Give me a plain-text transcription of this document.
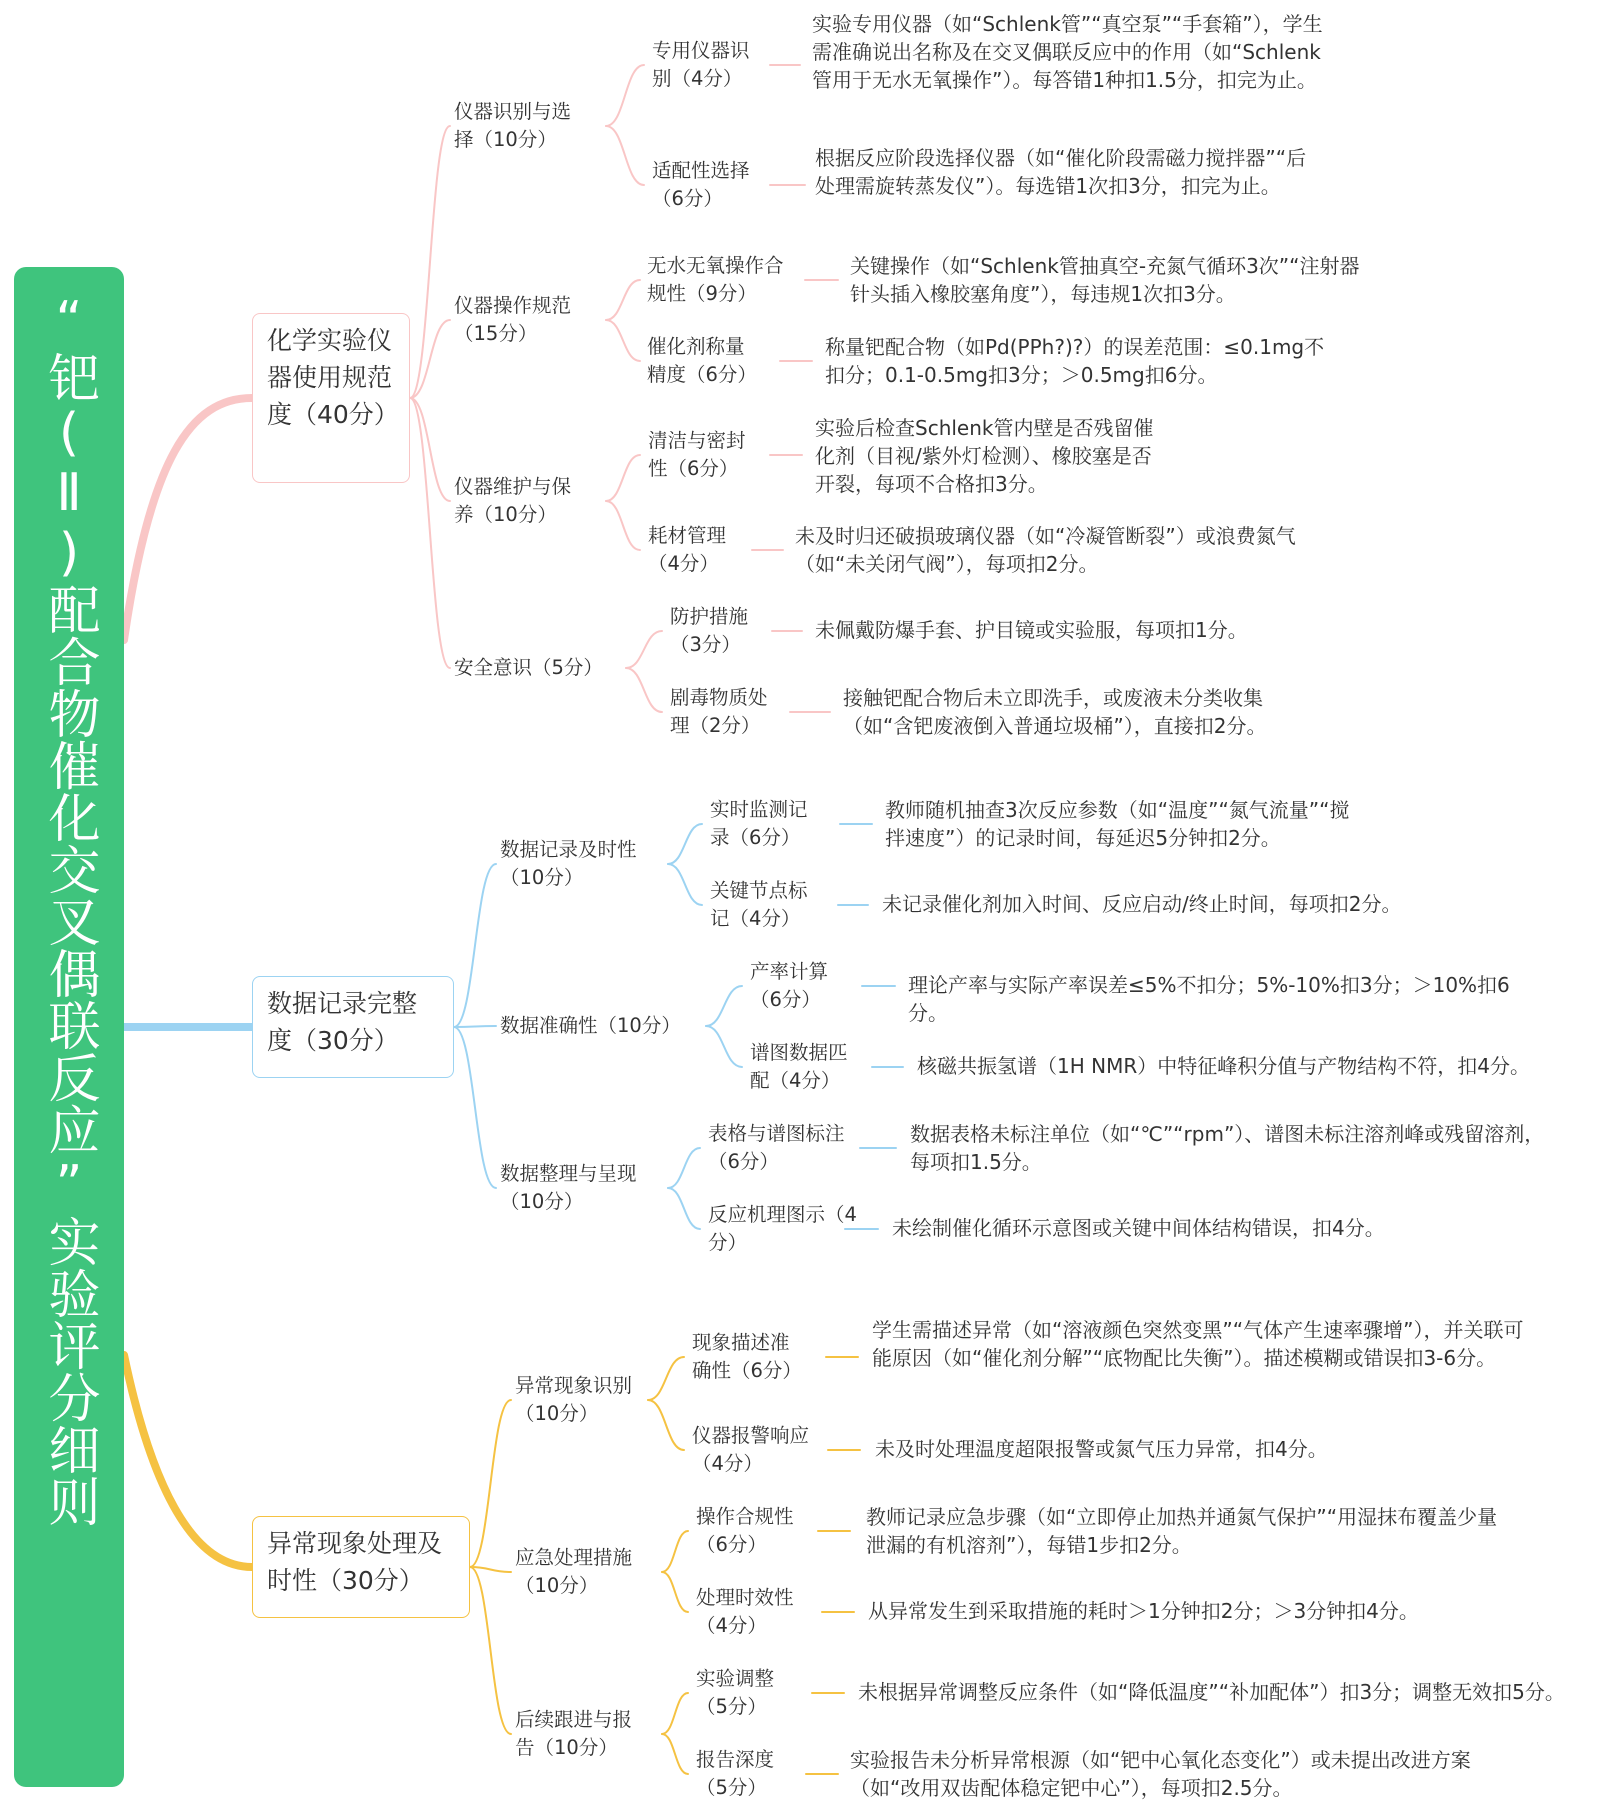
“钯(Ⅱ)配合物催化交叉偶联反应”实验评分细则	化学实验仪器使用规范度（40分）
仪器识别与选择（10分）
仪器操作规范（15分）
仪器维护与保养（10分）
安全意识（5分）
专用仪器识别（4分）
适配性选择（6分）
无水无氧操作合规性（9分）
催化剂称量精度（6分）
清洁与密封性（6分）
耗材管理（4分）
防护措施（3分）
剧毒物质处理（2分）
实验专用仪器（如“Schlenk管”“真空泵”“手套箱”），学生需准确说出名称及在交叉偶联反应中的作用（如“Schlenk管用于无水无氧操作”）。每答错1种扣1.5分，扣完为止。
根据反应阶段选择仪器（如“催化阶段需磁力搅拌器”“后处理需旋转蒸发仪”）。每选错1次扣3分，扣完为止。
关键操作（如“Schlenk管抽真空-充氮气循环3次”“注射器针头插入橡胶塞角度”），每违规1次扣3分。
称量钯配合物（如Pd(PPh?)?）的误差范围：≤0.1mg不扣分；0.1-0.5mg扣3分；＞0.5mg扣6分。
实验后检查Schlenk管内壁是否残留催化剂（目视/紫外灯检测）、橡胶塞是否开裂，每项不合格扣3分。
未及时归还破损玻璃仪器（如“冷凝管断裂”）或浪费氮气（如“未关闭气阀”），每项扣2分。
未佩戴防爆手套、护目镜或实验服，每项扣1分。
接触钯配合物后未立即洗手，或废液未分类收集（如“含钯废液倒入普通垃圾桶”），直接扣2分。
数据记录完整度（30分）
数据记录及时性（10分）
数据准确性（10分）
数据整理与呈现（10分）
实时监测记录（6分）
关键节点标记（4分）
产率计算（6分）
谱图数据匹配（4分）
表格与谱图标注（6分）
反应机理图示（4分）
教师随机抽查3次反应参数（如“温度”“氮气流量”“搅拌速度”）的记录时间，每延迟5分钟扣2分。
未记录催化剂加入时间、反应启动/终止时间，每项扣2分。
理论产率与实际产率误差≤5%不扣分；5%-10%扣3分；＞10%扣6分。
核磁共振氢谱（1H NMR）中特征峰积分值与产物结构不符，扣4分。
数据表格未标注单位（如“℃”“rpm”）、谱图未标注溶剂峰或残留溶剂，每项扣1.5分。
未绘制催化循环示意图或关键中间体结构错误，扣4分。
异常现象处理及时性（30分）
异常现象识别（10分）
应急处理措施（10分）
后续跟进与报告（10分）
现象描述准确性（6分）
仪器报警响应（4分）
操作合规性（6分）
处理时效性（4分）
实验调整（5分）
报告深度（5分）
学生需描述异常（如“溶液颜色突然变黑”“气体产生速率骤增”），并关联可能原因（如“催化剂分解”“底物配比失衡”）。描述模糊或错误扣3-6分。
未及时处理温度超限报警或氮气压力异常，扣4分。
教师记录应急步骤（如“立即停止加热并通氮气保护”“用湿抹布覆盖少量泄漏的有机溶剂”），每错1步扣2分。
从异常发生到采取措施的耗时＞1分钟扣2分；＞3分钟扣4分。
未根据异常调整反应条件（如“降低温度”“补加配体”）扣3分；调整无效扣5分。
实验报告未分析异常根源（如“钯中心氧化态变化”）或未提出改进方案（如“改用双齿配体稳定钯中心”），每项扣2.5分。
